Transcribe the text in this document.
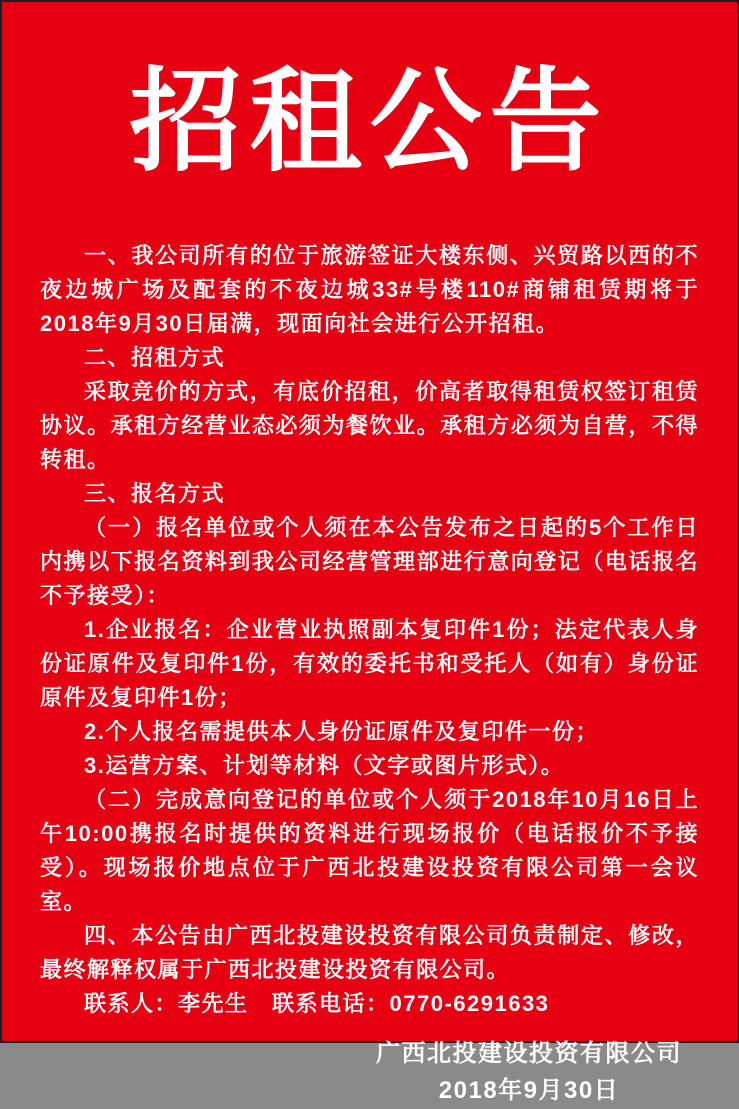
招租公告

一、我公司所有的位于旅游签证大楼东侧、兴贸路以西的不夜边城广场及配套的不夜边城33#号楼110#商铺租赁期将于2018年9月30日届满，现面向社会进行公开招租。

二、招租方式

采取竞价的方式，有底价招租，价高者取得租赁权签订租赁协议。承租方经营业态必须为餐饮业。承租方必须为自营，不得转租。

三、报名方式

（一）报名单位或个人须在本公告发布之日起的5个工作日内携以下报名资料到我公司经营管理部进行意向登记（电话报名不予接受）：

1.企业报名：企业营业执照副本复印件1份；法定代表人身份证原件及复印件1份，有效的委托书和受托人（如有）身份证原件及复印件1份；

2.个人报名需提供本人身份证原件及复印件一份；

3.运营方案、计划等材料（文字或图片形式）。

（二）完成意向登记的单位或个人须于2018年10月16日上午10:00携报名时提供的资料进行现场报价（电话报价不予接受）。现场报价地点位于广西北投建设投资有限公司第一会议室。

四、本公告由广西北投建设投资有限公司负责制定、修改，最终解释权属于广西北投建设投资有限公司。

联系人：李先生　联系电话：0770-6291633

广西北投建设投资有限公司
2018年9月30日
